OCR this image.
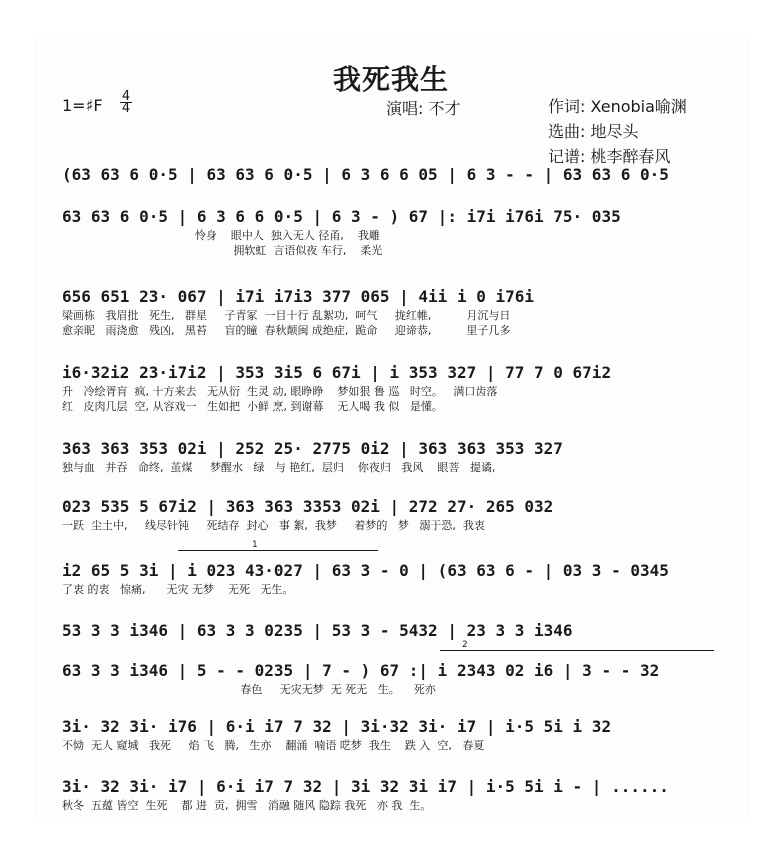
我死我生
1=♯F 4
4	演唱: 不才	作词: Xenobia喻渊
选曲: 地尽头
记谱: 桃李醉春风
(63 63 6 0·5 | 63 63 6 0·5 | 6 3 6 6 05 | 6 3 - - | 63 63 6 0·5
63 63 6 0·5 | 6 3 6 6 0·5 | 6 3 - ) 67 |: i7i i76i 75· 035
怜身    眼中人  独入无人 径甬,    我雕
拥软虹  言语似夜 车行,    柔光
656 651 23· 067 | i7i i7i3 377 065 | 4ii i 0 i76i
梁画栋   我眉批   死生,   群星     子青冢  一目十行 乱絮功,  呵气     拢红帷,          月沉与日
愈亲昵   雨浇愈   残凶,   黑苔     盲的瞳  春秋颠闽 成绝症,  跪命     迎谛恭,          里子几多
i6·32i2 23·i7i2 | 353 3i5 6 67i | i 353 327 | 77 7 0 67i2
升   冷绘胥肓  疯, 十方来去   无从衍  生灵 动, 眼睁睁    梦如狠 鲁 巡   时空。   满口齿落
红   皮肉几层  空, 从容戏一   生如把  小鲜 烹, 到谢幕    无人喝 我 似   是懂。
363 363 353 02i | 252 25· 2775 0i2 | 363 363 353 327
独与血   并吞   命终,  茧煤     梦醒水   绿   与 艳红,  层归    你夜归   我风    眼菩   提谲,
023 535 5 67i2 | 363 363 3353 02i | 272 27· 265 032
一跃  尘土中,     线尽针钝     死结存  封心   事 絮,  我梦     着梦的   梦   溺于恐,  我衷
1
i2 65 5 3i | i 023 43·027 | 63 3 - 0 | (63 63 6 - | 03 3 - 0345
了衷 的衷   惊痛,      无灾 无梦    无死   无生。
53 3 3 i346 | 63 3 3 0235 | 53 3 - 5432 | 23 3 3 i346
2
63 3 3 i346 | 5 - - 0235 | 7 - ) 67 :| i 2343 02 i6 | 3 - - 32
春色     无灾无梦  无 死无   生。    死亦
3i· 32 3i· i76 | 6·i i7 7 32 | 3i·32 3i· i7 | i·5 5i i 32
不恸  无人 窥城   我死     焰 飞   腾,   生亦    翻涌  喃语 呓梦  我生    跌 入  空,   春夏
3i· 32 3i· i7 | 6·i i7 7 32 | 3i 32 3i i7 | i·5 5i i - | ......
秋冬  五蕴 皆空  生死    都 进  贡,  拥雪   消融 随风 隐踪 我死   亦 我  生。
